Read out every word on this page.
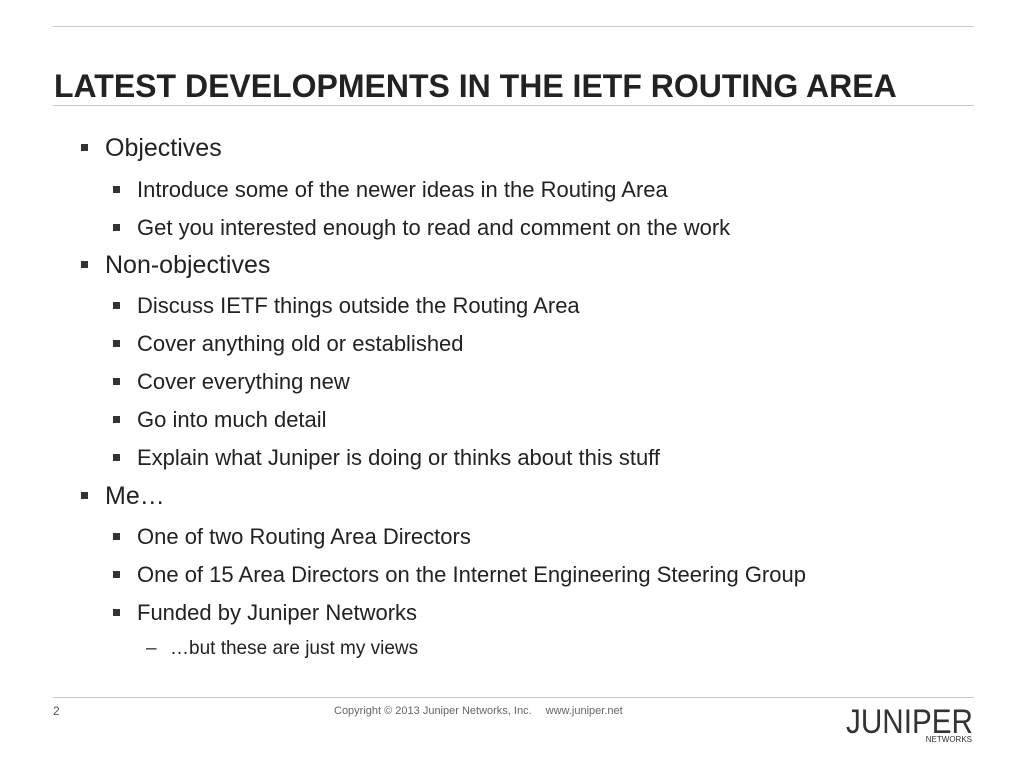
LATEST DEVELOPMENTS IN THE IETF ROUTING AREA
Objectives
Introduce some of the newer ideas in the Routing Area
Get you interested enough to read and comment on the work
Non-objectives
Discuss IETF things outside the Routing Area
Cover anything old or established
Cover everything new
Go into much detail
Explain what Juniper is doing or thinks about this stuff
Me…
One of two Routing Area Directors
One of 15 Area Directors on the Internet Engineering Steering Group
Funded by Juniper Networks
– …but these are just my views
2	Copyright © 2013 Juniper Networks, Inc. www.juniper.net	JUNIPER
NETWORKS
